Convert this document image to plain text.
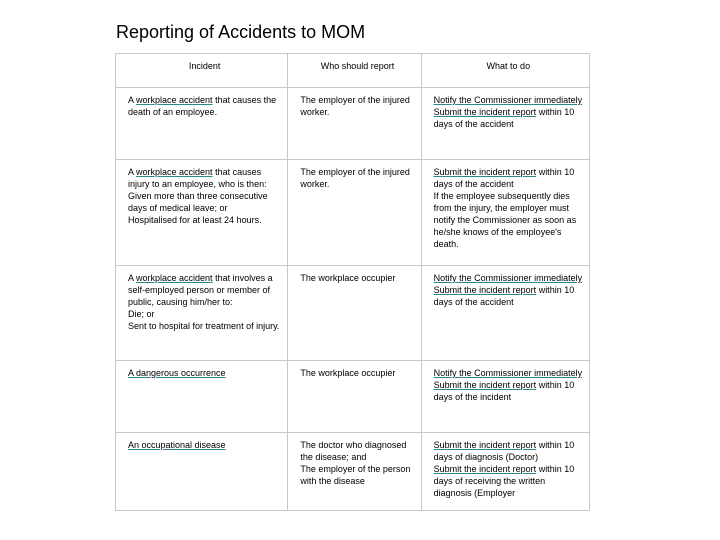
Reporting of Accidents to MOM
Incident	Who should report	What to do
A workplace accident that causes the death of an employee.	The employer of the injured worker.	Notify the Commissioner immediately
Submit the incident report within 10 days of the accident

A workplace accident that causes injury to an employee, who is then:
Given more than three consecutive days of medical leave; or
Hospitalised for at least 24 hours.	The employer of the injured worker.	Submit the incident report within 10 days of the accident
If the employee subsequently dies from the injury, the employer must notify the Commissioner as soon as he/she knows of the employee's death.

A workplace accident that involves a self-employed person or member of public, causing him/her to:
Die; or
Sent to hospital for treatment of injury.	The workplace occupier	Notify the Commissioner immediately
Submit the incident report within 10 days of the accident

A dangerous occurrence	The workplace occupier	Notify the Commissioner immediately
Submit the incident report within 10 days of the incident

An occupational disease	The doctor who diagnosed the disease; and
The employer of the person with the disease	Submit the incident report within 10 days of diagnosis (Doctor)
Submit the incident report within 10 days of receiving the written diagnosis (Employer
